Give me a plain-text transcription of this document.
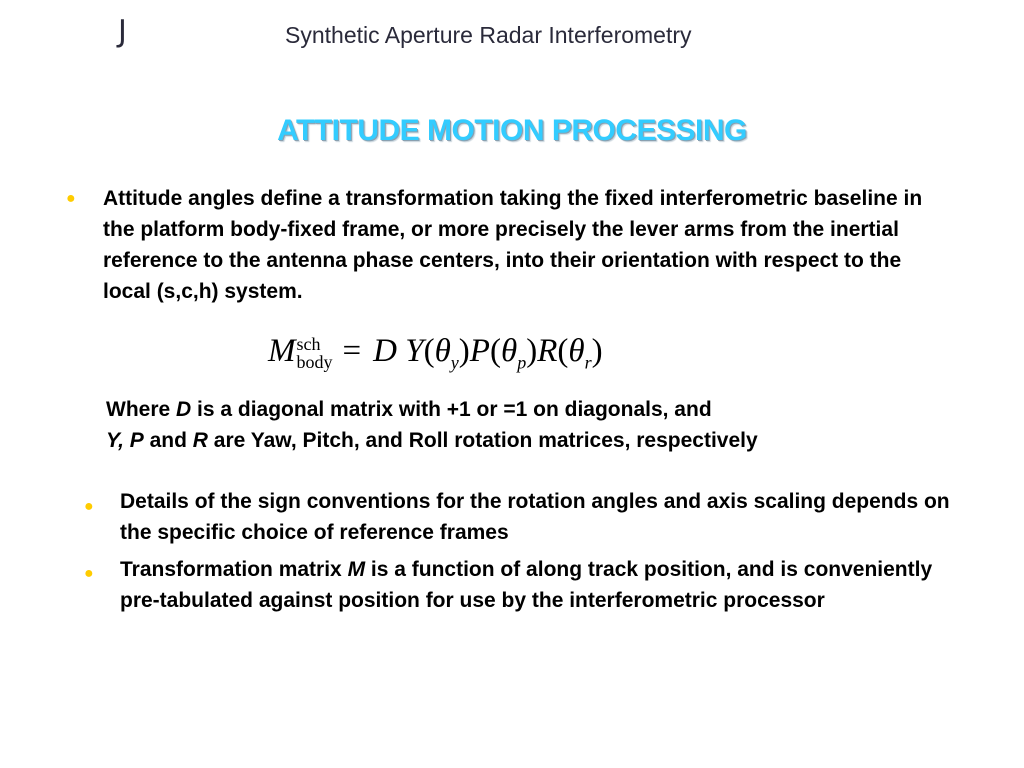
J	Synthetic Aperture Radar Interferometry
ATTITUDE MOTION PROCESSING
● Attitude angles define a transformation taking the fixed interferometric baseline in the platform body-fixed frame, or more precisely the lever arms from the inertial reference to the antenna phase centers, into their orientation with respect to the local (s,c,h) system.
M sch
body = D $Y(\theta_y)P(\theta_p)R(\theta_r)$
Where D is a diagonal matrix with +1 or =1 on diagonals, and
Y, P and R are Yaw, Pitch, and Roll rotation matrices, respectively
● Details of the sign conventions for the rotation angles and axis scaling depends on the specific choice of reference frames
● Transformation matrix M is a function of along track position, and is conveniently pre-tabulated against position for use by the interferometric processor
